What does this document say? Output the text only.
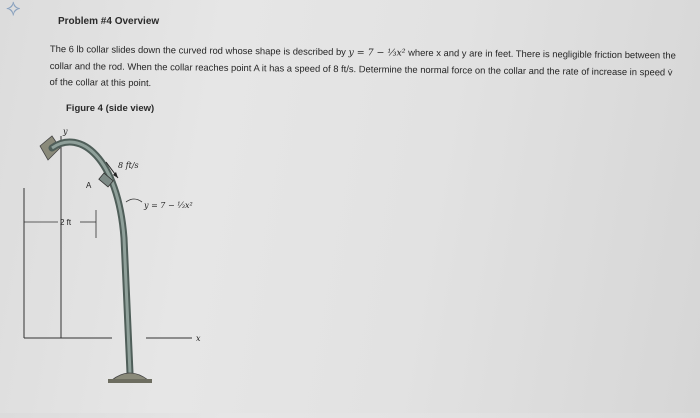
⟡
Problem #4 Overview
The 6 lb collar slides down the curved rod whose shape is described by y = 7 − ⅓x² where x and y are in feet. There is negligible friction between the collar and the rod. When the collar reaches point A it has a speed of 8 ft/s. Determine the normal force on the collar and the rate of increase in speed v̇ of the collar at this point.
Figure 4 (side view)
y
x
A
8 ft/s
y = 7 − ⅓x²
2 ft
